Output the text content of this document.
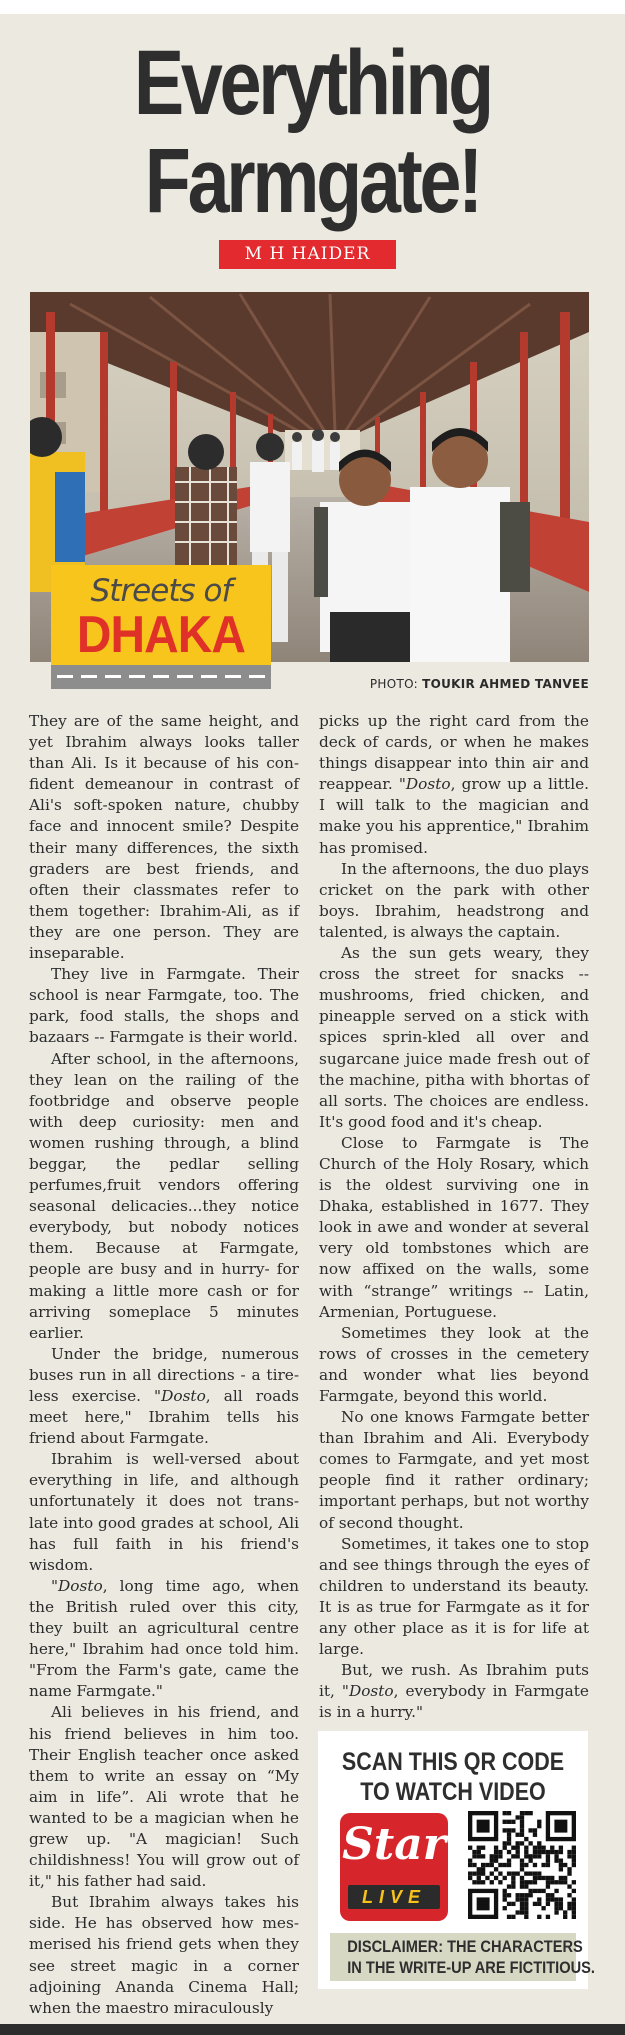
Everything
Farmgate!
M H HAIDER
Streets of
DHAKA
PHOTO: TOUKIR AHMED TANVEE

They are of the same height, and yet Ibrahim always looks taller than Ali. Is it because of his con-fident demeanour in contrast of Ali's soft-spoken nature, chubby face and innocent smile? Despite their many differences, the sixth graders are best friends, and often their classmates refer to them together: Ibrahim-Ali, as if they are one person. They are inseparable.

They live in Farmgate. Their school is near Farmgate, too. The park, food stalls, the shops and bazaars -- Farmgate is their world.

After school, in the afternoons, they lean on the railing of the footbridge and observe people with deep curiosity: men and women rushing through, a blind beggar, the pedlar selling perfumes,fruit vendors offering seasonal delicacies...they notice everybody, but nobody notices them. Because at Farmgate, people are busy and in hurry- for making a little more cash or for arriving someplace 5 minutes earlier.

Under the bridge, numerous buses run in all directions - a tire-less exercise. "Dosto, all roads meet here," Ibrahim tells his friend about Farmgate.

Ibrahim is well-versed about everything in life, and although unfortunately it does not trans-late into good grades at school, Ali has full faith in his friend's wisdom.

"Dosto, long time ago, when the British ruled over this city, they built an agricultural centre here," Ibrahim had once told him. "From the Farm's gate, came the name Farmgate."

Ali believes in his friend, and his friend believes in him too. Their English teacher once asked them to write an essay on “My aim in life”. Ali wrote that he wanted to be a magician when he grew up. "A magician! Such childishness! You will grow out of it," his father had said.

But Ibrahim always takes his side. He has observed how mes-merised his friend gets when they see street magic in a corner adjoining Ananda Cinema Hall; when the maestro miraculously

picks up the right card from the deck of cards, or when he makes things disappear into thin air and reappear. "Dosto, grow up a little. I will talk to the magician and make you his apprentice," Ibrahim has promised.

In the afternoons, the duo plays cricket on the park with other boys. Ibrahim, headstrong and talented, is always the captain.

As the sun gets weary, they cross the street for snacks -- mushrooms, fried chicken, and pineapple served on a stick with spices sprin-kled all over and sugarcane juice made fresh out of the machine, pitha with bhortas of all sorts. The choices are endless. It's good food and it's cheap.

Close to Farmgate is The Church of the Holy Rosary, which is the oldest surviving one in Dhaka, established in 1677. They look in awe and wonder at several very old tombstones which are now affixed on the walls, some with “strange” writings -- Latin, Armenian, Portuguese.

Sometimes they look at the rows of crosses in the cemetery and wonder what lies beyond Farmgate, beyond this world.

No one knows Farmgate better than Ibrahim and Ali. Everybody comes to Farmgate, and yet most people find it rather ordinary; important perhaps, but not worthy of second thought.

Sometimes, it takes one to stop and see things through the eyes of children to understand its beauty. It is as true for Farmgate as it for any other place as it is for life at large.

But, we rush. As Ibrahim puts it, "Dosto, everybody in Farmgate is in a hurry."

SCAN THIS QR CODE
TO WATCH VIDEO
Star
LIVE
DISCLAIMER: THE CHARACTERS
IN THE WRITE-UP ARE FICTITIOUS.
